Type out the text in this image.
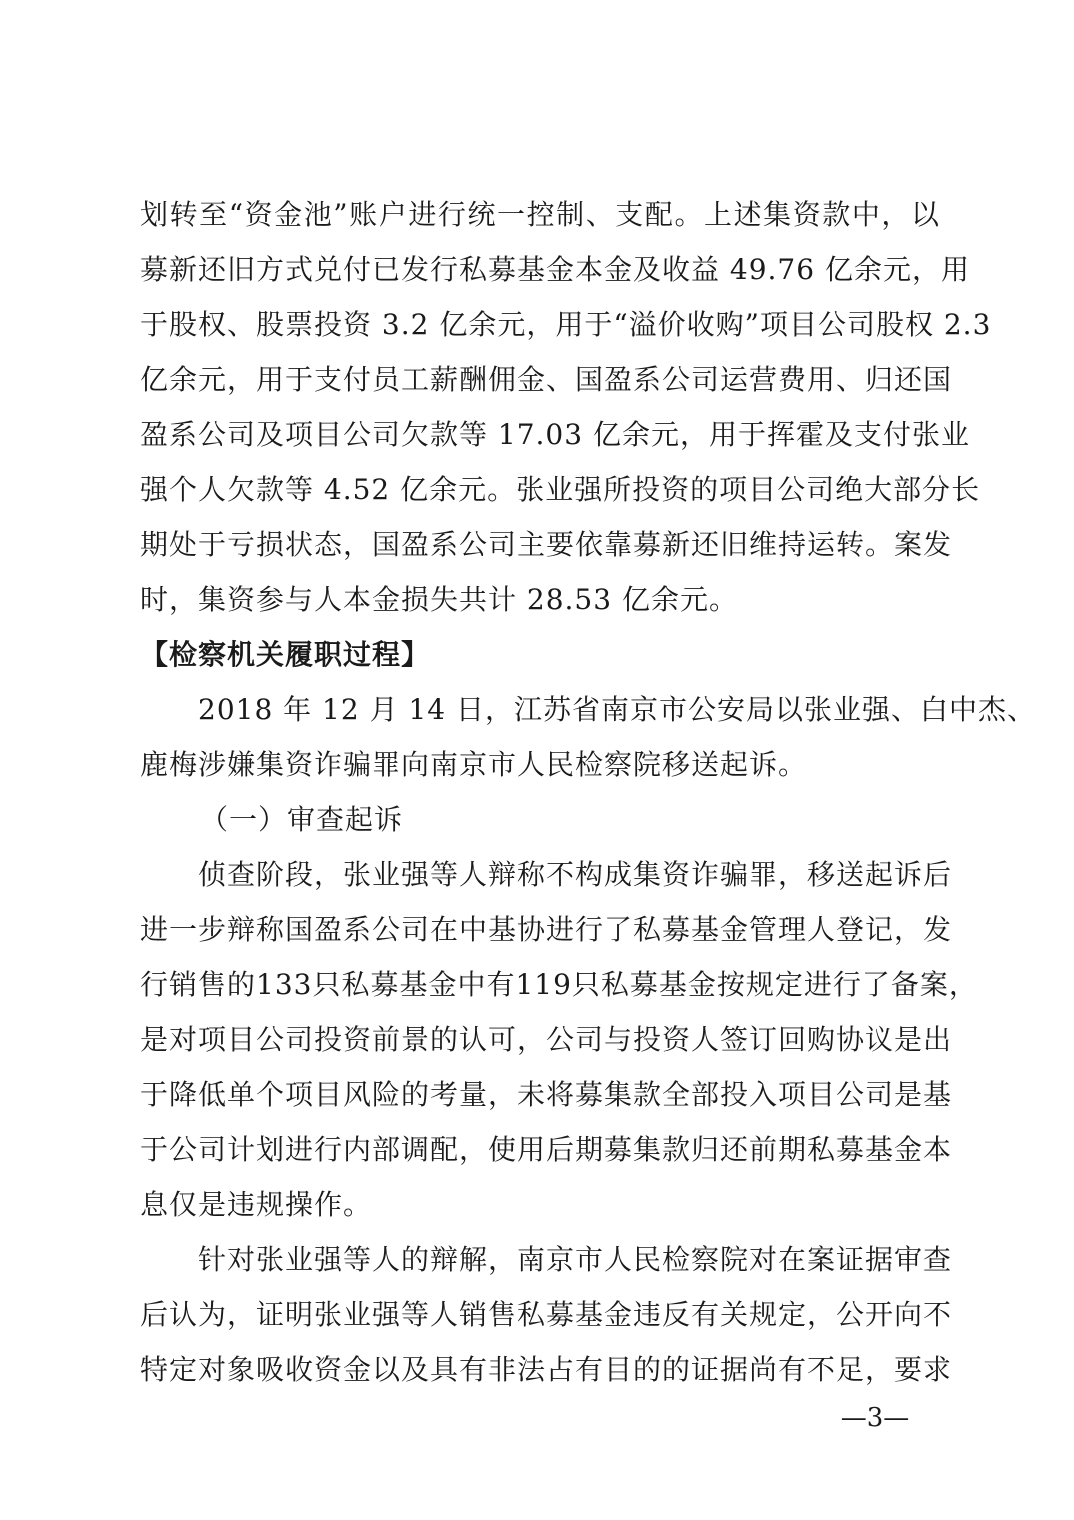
划转至“资金池”账户进行统一控制、支配。上述集资款中，以
募新还旧方式兑付已发行私募基金本金及收益 49.76 亿余元，用
于股权、股票投资 3.2 亿余元，用于“溢价收购”项目公司股权 2.3
亿余元，用于支付员工薪酬佣金、国盈系公司运营费用、归还国
盈系公司及项目公司欠款等 17.03 亿余元，用于挥霍及支付张业
强个人欠款等 4.52 亿余元。张业强所投资的项目公司绝大部分长
期处于亏损状态，国盈系公司主要依靠募新还旧维持运转。案发
时，集资参与人本金损失共计 28.53 亿余元。
【检察机关履职过程】
　　2018 年 12 月 14 日，江苏省南京市公安局以张业强、白中杰、
鹿梅涉嫌集资诈骗罪向南京市人民检察院移送起诉。
（一）审查起诉
　　侦查阶段，张业强等人辩称不构成集资诈骗罪，移送起诉后
进一步辩称国盈系公司在中基协进行了私募基金管理人登记，发
行销售的133只私募基金中有119只私募基金按规定进行了备案，
是对项目公司投资前景的认可，公司与投资人签订回购协议是出
于降低单个项目风险的考量，未将募集款全部投入项目公司是基
于公司计划进行内部调配，使用后期募集款归还前期私募基金本
息仅是违规操作。
　　针对张业强等人的辩解，南京市人民检察院对在案证据审查
后认为，证明张业强等人销售私募基金违反有关规定，公开向不
特定对象吸收资金以及具有非法占有目的的证据尚有不足，要求
—3—
